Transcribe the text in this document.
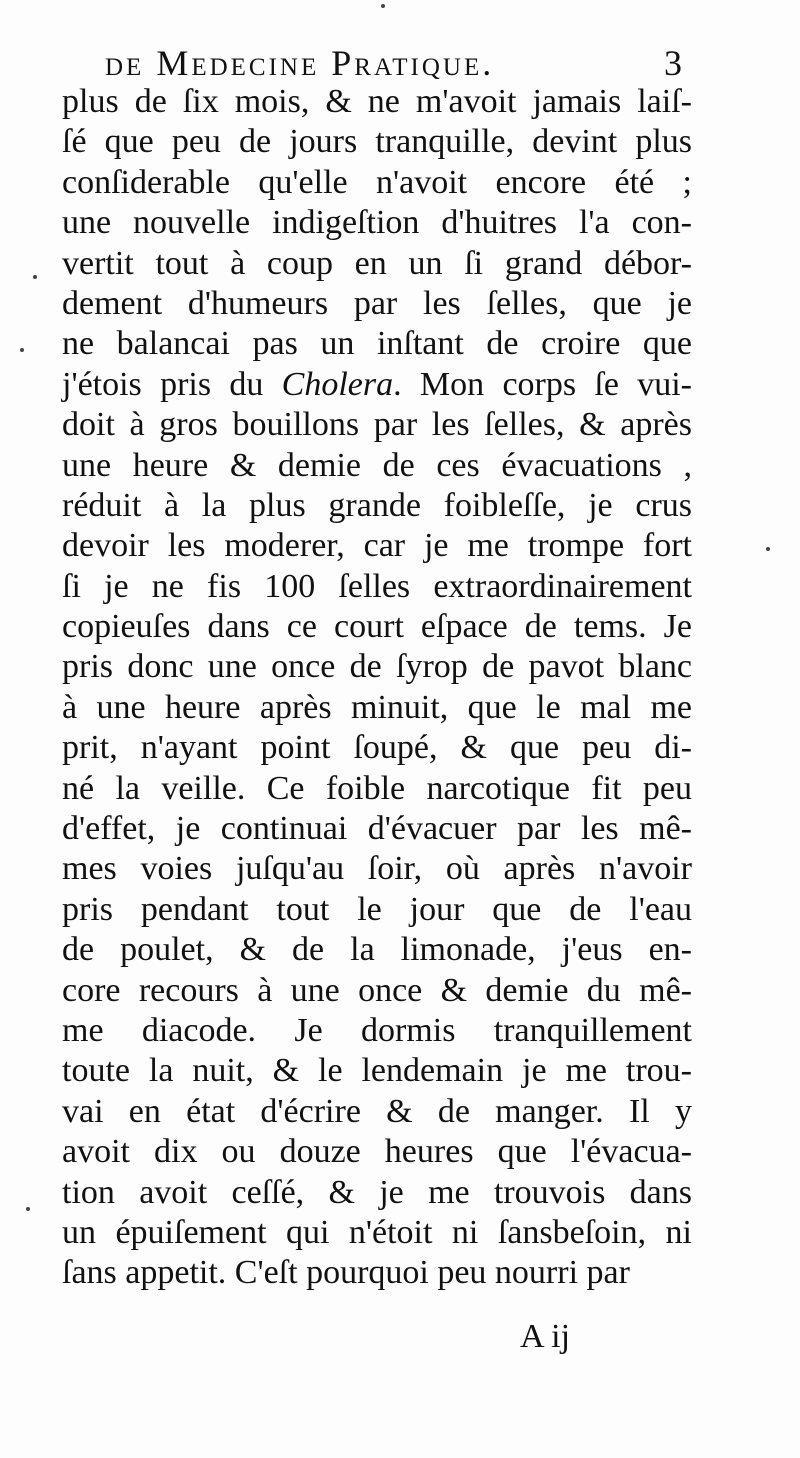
de Medecine Pratique.	3
plus de ſix mois, & ne m'avoit jamais laiſ-
ſé que peu de jours tranquille, devint plus
conſiderable qu'elle n'avoit encore été ;
une nouvelle indigeſtion d'huitres l'a con-
vertit tout à coup en un ſi grand débor-
dement d'humeurs par les ſelles, que je
ne balancai pas un inſtant de croire que
j'étois pris du Cholera. Mon corps ſe vui-
doit à gros bouillons par les ſelles, & après
une heure & demie de ces évacuations ,
réduit à la plus grande foibleſſe, je crus
devoir les moderer, car je me trompe fort
ſi je ne fis 100 ſelles extraordinairement
copieuſes dans ce court eſpace de tems. Je
pris donc une once de ſyrop de pavot blanc
à une heure après minuit, que le mal me
prit, n'ayant point ſoupé, & que peu di-
né la veille. Ce foible narcotique fit peu
d'effet, je continuai d'évacuer par les mê-
mes voies juſqu'au ſoir, où après n'avoir
pris pendant tout le jour que de l'eau
de poulet, & de la limonade, j'eus en-
core recours à une once & demie du mê-
me diacode. Je dormis tranquillement
toute la nuit, & le lendemain je me trou-
vai en état d'écrire & de manger. Il y
avoit dix ou douze heures que l'évacua-
tion avoit ceſſé, & je me trouvois dans
un épuiſement qui n'étoit ni ſansbeſoin, ni
ſans appetit. C'eſt pourquoi peu nourri par
A ij
